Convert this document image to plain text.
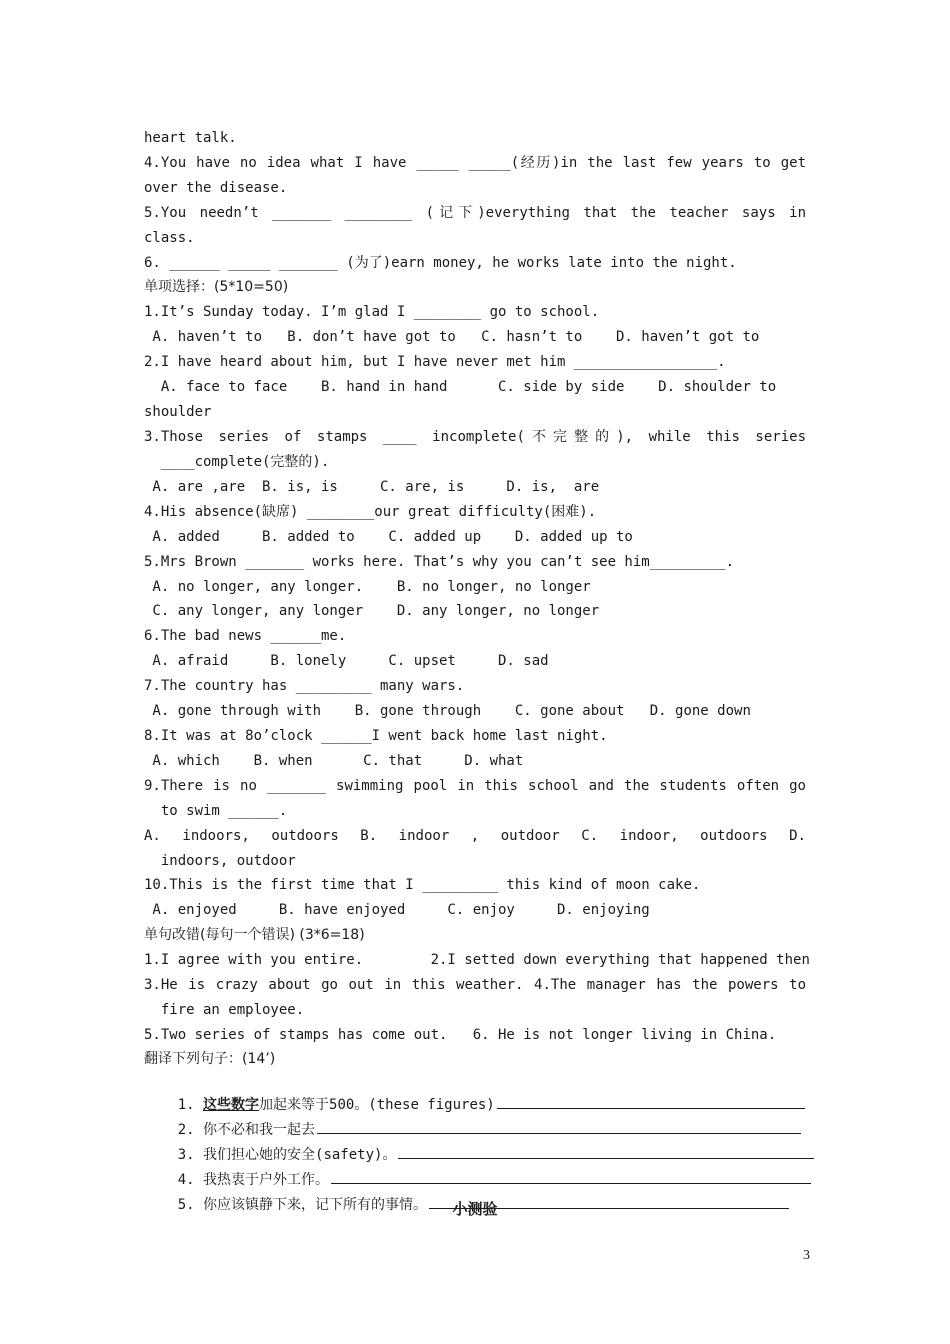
heart talk.
4.You have no idea what I have _____ _____(经历)in the last few years to get
over the disease.
5.You needn’t _______ ________ (记下)everything that the teacher says in
class.
6. ______ _____ _______ (为了)earn money, he works late into the night.
单项选择：(5*10=50)
1.It’s Sunday today. I’m glad I ________ go to school.
A. haven’t to   B. don’t have got to   C. hasn’t to    D. haven’t got to
2.I have heard about him, but I have never met him _________________.
A. face to face    B. hand in hand      C. side by side    D. shoulder to
shoulder
3.Those series of stamps ____ incomplete(不完整的), while this series
____complete(完整的).
A. are ,are  B. is, is     C. are, is     D. is,  are
4.His absence(缺席) ________our great difficulty(困难).
A. added     B. added to    C. added up    D. added up to
5.Mrs Brown _______ works here. That’s why you can’t see him_________.
A. no longer, any longer.    B. no longer, no longer
C. any longer, any longer    D. any longer, no longer
6.The bad news ______me.
A. afraid     B. lonely     C. upset     D. sad
7.The country has _________ many wars.
A. gone through with    B. gone through    C. gone about   D. gone down
8.It was at 8o’clock ______I went back home last night.
A. which    B. when      C. that     D. what
9.There is no _______ swimming pool in this school and the students often go
to swim ______.
A. indoors, outdoors B. indoor , outdoor C. indoor, outdoors D.
indoors, outdoor
10.This is the first time that I _________ this kind of moon cake.
A. enjoyed     B. have enjoyed     C. enjoy     D. enjoying
单句改错(每句一个错误) (3*6=18)
1.I agree with you entire.        2.I setted down everything that happened then
3.He is crazy about go out in this weather. 4.The manager has the powers to
fire an employee.
5.Two series of stamps has come out.   6. He is not longer living in China.
翻译下列句子：(14’)

1. 这些数字加起来等于500。(these figures)

2. 你不必和我一起去

3. 我们担心她的安全(safety)。

4. 我热衷于户外工作。

5. 你应该镇静下来，记下所有的事情。
	小测验
3
